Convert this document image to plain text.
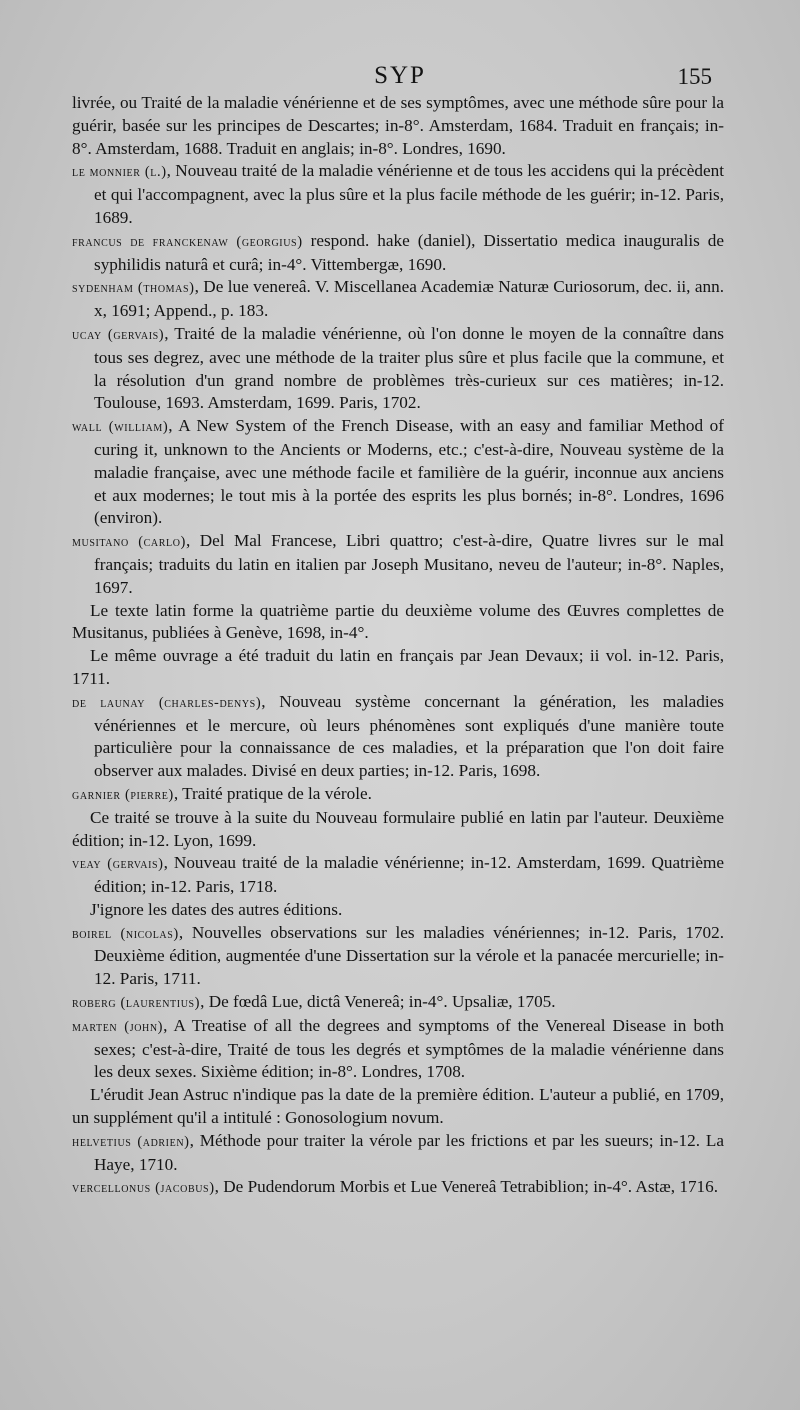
SYP	155

livrée, ou Traité de la maladie vénérienne et de ses symptômes, avec une méthode sûre pour la guérir, basée sur les principes de Descartes; in-8°. Amsterdam, 1684. Traduit en français; in-8°. Amsterdam, 1688. Traduit en anglais; in-8°. Londres, 1690.

le monnier (l.), Nouveau traité de la maladie vénérienne et de tous les accidens qui la précèdent et qui l'accompagnent, avec la plus sûre et la plus facile méthode de les guérir; in-12. Paris, 1689.

francus de franckenaw (georgius) respond. hake (daniel), Dissertatio medica inauguralis de syphilidis naturâ et curâ; in-4°. Vittembergæ, 1690.

sydenham (thomas), De lue venereâ. V. Miscellanea Academiæ Naturæ Curiosorum, dec. ii, ann. x, 1691; Append., p. 183.

ucay (gervais), Traité de la maladie vénérienne, où l'on donne le moyen de la connaître dans tous ses degrez, avec une méthode de la traiter plus sûre et plus facile que la commune, et la résolution d'un grand nombre de problèmes très-curieux sur ces matières; in-12. Toulouse, 1693. Amsterdam, 1699. Paris, 1702.

wall (william), A New System of the French Disease, with an easy and familiar Method of curing it, unknown to the Ancients or Moderns, etc.; c'est-à-dire, Nouveau système de la maladie française, avec une méthode facile et familière de la guérir, inconnue aux anciens et aux modernes; le tout mis à la portée des esprits les plus bornés; in-8°. Londres, 1696 (environ).

musitano (carlo), Del Mal Francese, Libri quattro; c'est-à-dire, Quatre livres sur le mal français; traduits du latin en italien par Joseph Musitano, neveu de l'auteur; in-8°. Naples, 1697.

Le texte latin forme la quatrième partie du deuxième volume des Œuvres complettes de Musitanus, publiées à Genève, 1698, in-4°.

Le même ouvrage a été traduit du latin en français par Jean Devaux; ii vol. in-12. Paris, 1711.

de launay (charles-denys), Nouveau système concernant la génération, les maladies vénériennes et le mercure, où leurs phénomènes sont expliqués d'une manière toute particulière pour la connaissance de ces maladies, et la préparation que l'on doit faire observer aux malades. Divisé en deux parties; in-12. Paris, 1698.

garnier (pierre), Traité pratique de la vérole.

Ce traité se trouve à la suite du Nouveau formulaire publié en latin par l'auteur. Deuxième édition; in-12. Lyon, 1699.

veay (gervais), Nouveau traité de la maladie vénérienne; in-12. Amsterdam, 1699. Quatrième édition; in-12. Paris, 1718.

J'ignore les dates des autres éditions.

boirel (nicolas), Nouvelles observations sur les maladies vénériennes; in-12. Paris, 1702. Deuxième édition, augmentée d'une Dissertation sur la vérole et la panacée mercurielle; in-12. Paris, 1711.

roberg (laurentius), De fœdâ Lue, dictâ Venereâ; in-4°. Upsaliæ, 1705.

marten (john), A Treatise of all the degrees and symptoms of the Venereal Disease in both sexes; c'est-à-dire, Traité de tous les degrés et symptômes de la maladie vénérienne dans les deux sexes. Sixième édition; in-8°. Londres, 1708.

L'érudit Jean Astruc n'indique pas la date de la première édition. L'auteur a publié, en 1709, un supplément qu'il a intitulé : Gonosologium novum.

helvetius (adrien), Méthode pour traiter la vérole par les frictions et par les sueurs; in-12. La Haye, 1710.

vercellonus (jacobus), De Pudendorum Morbis et Lue Venereâ Tetrabiblion; in-4°. Astæ, 1716.
